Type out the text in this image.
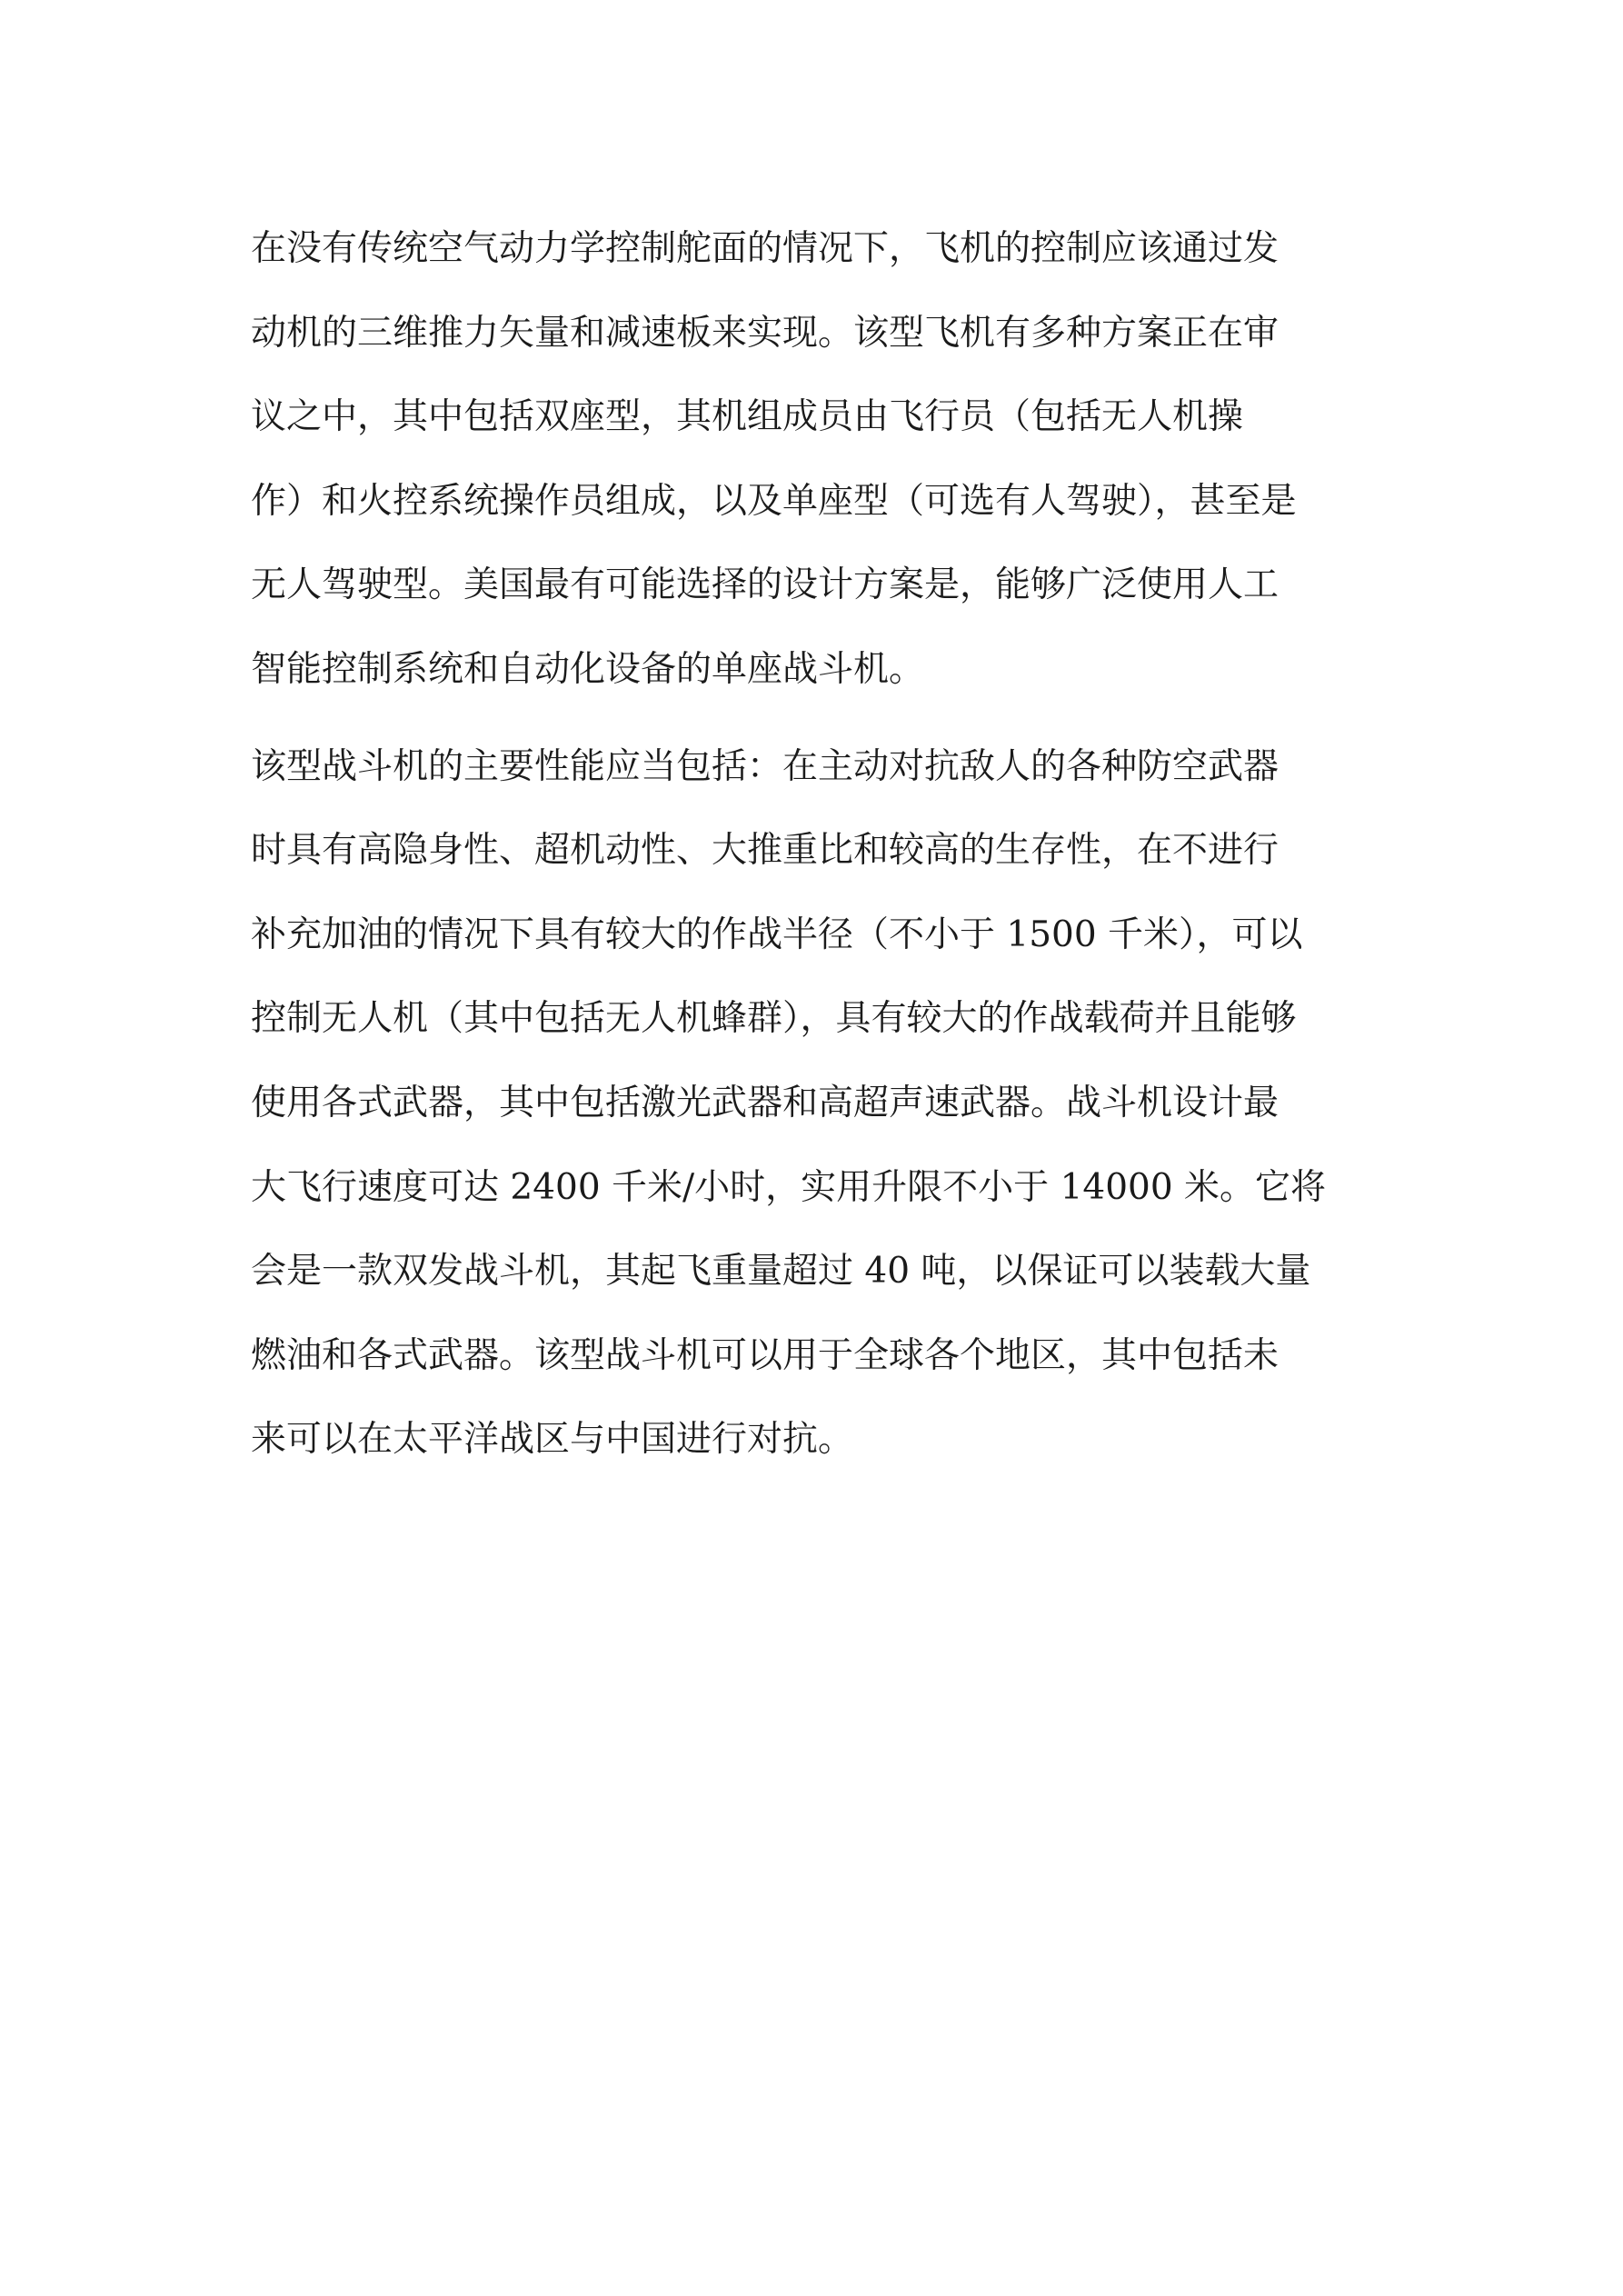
在没有传统空气动力学控制舵面的情况下，飞机的控制应该通过发
动机的三维推力矢量和减速板来实现。该型飞机有多种方案正在审
议之中，其中包括双座型，其机组成员由飞行员（包括无人机操
作）和火控系统操作员组成，以及单座型（可选有人驾驶），甚至是
无人驾驶型。美国最有可能选择的设计方案是，能够广泛使用人工
智能控制系统和自动化设备的单座战斗机。
该型战斗机的主要性能应当包括：在主动对抗敌人的各种防空武器
时具有高隐身性、超机动性、大推重比和较高的生存性，在不进行
补充加油的情况下具有较大的作战半径（不小于 1500 千米），可以
控制无人机（其中包括无人机蜂群），具有较大的作战载荷并且能够
使用各式武器，其中包括激光武器和高超声速武器。战斗机设计最
大飞行速度可达 2400 千米/小时，实用升限不小于 14000 米。它将
会是一款双发战斗机，其起飞重量超过 40 吨，以保证可以装载大量
燃油和各式武器。该型战斗机可以用于全球各个地区，其中包括未
来可以在太平洋战区与中国进行对抗。
